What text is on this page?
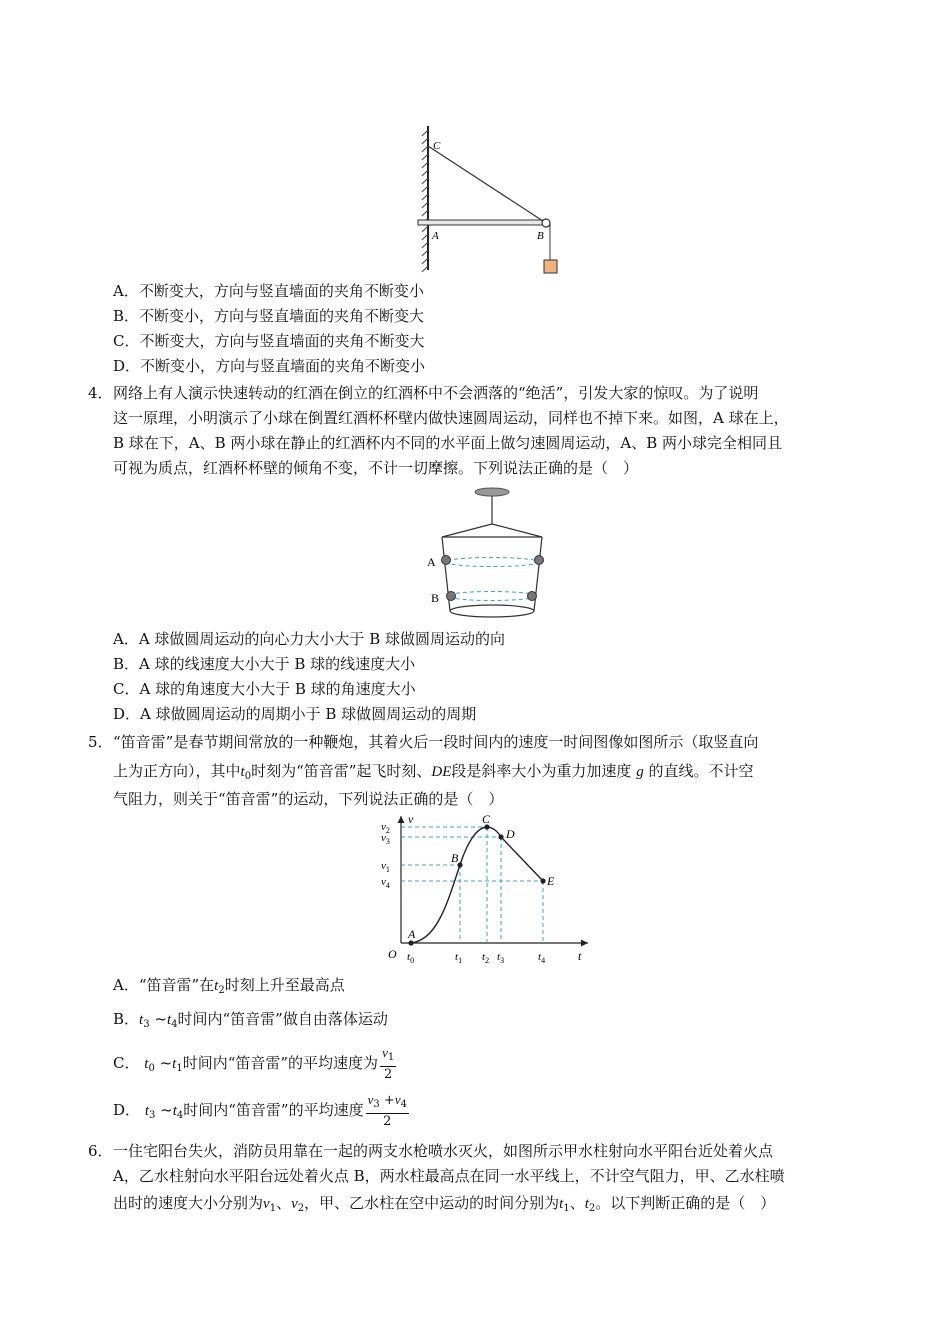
C
A	B
A．不断变大，方向与竖直墙面的夹角不断变小
B．不断变小，方向与竖直墙面的夹角不断变大
C．不断变大，方向与竖直墙面的夹角不断变大
D．不断变小，方向与竖直墙面的夹角不断变小
4． 网络上有人演示快速转动的红酒在倒立的红酒杯中不会洒落的“绝活”，引发大家的惊叹。为了说明
这一原理，小明演示了小球在倒置红酒杯杯壁内做快速圆周运动，同样也不掉下来。如图，A 球在上，
B 球在下，A、B 两小球在静止的红酒杯内不同的水平面上做匀速圆周运动，A、B 两小球完全相同且
可视为质点，红酒杯杯壁的倾角不变，不计一切摩擦。下列说法正确的是（　）
A
B
A．A 球做圆周运动的向心力大小大于 B 球做圆周运动的向
B．A 球的线速度大小大于 B 球的线速度大小
C．A 球的角速度大小大于 B 球的角速度大小
D．A 球做圆周运动的周期小于 B 球做圆周运动的周期
5． “笛音雷”是春节期间常放的一种鞭炮，其着火后一段时间内的速度一时间图像如图所示（取竖直向
上为正方向），其中$t_0$时刻为“笛音雷”起飞时刻、DE段是斜率大小为重力加速度 g 的直线。不计空
气阻力，则关于“笛音雷”的运动，下列说法正确的是（　）
v
t
O
$v_2$
$v_3$
$v_1$
$v_4$
$t_0$	$t_1$ $t_2$ $t_3$	$t_4$
A
B
C
D
E
A．“笛音雷”在$t_2$时刻上升至最高点
B．$t_3$ $\sim t_4$时间内“笛音雷”做自由落体运动
C． $t_0$ $\sim t_1$时间内“笛音雷”的平均速度为 $\frac{v_1}{2}$
D． $t_3$ $\sim t_4$时间内“笛音雷”的平均速度 $\frac{v_3 +v_4}{2}$
6． 一住宅阳台失火，消防员用靠在一起的两支水枪喷水灭火，如图所示甲水柱射向水平阳台近处着火点
A，乙水柱射向水平阳台远处着火点 B，两水柱最高点在同一水平线上，不计空气阻力，甲、乙水柱喷
出时的速度大小分别为$v_1$、$v_2$，甲、乙水柱在空中运动的时间分别为$t_1$、$t_2$。以下判断正确的是（　）
